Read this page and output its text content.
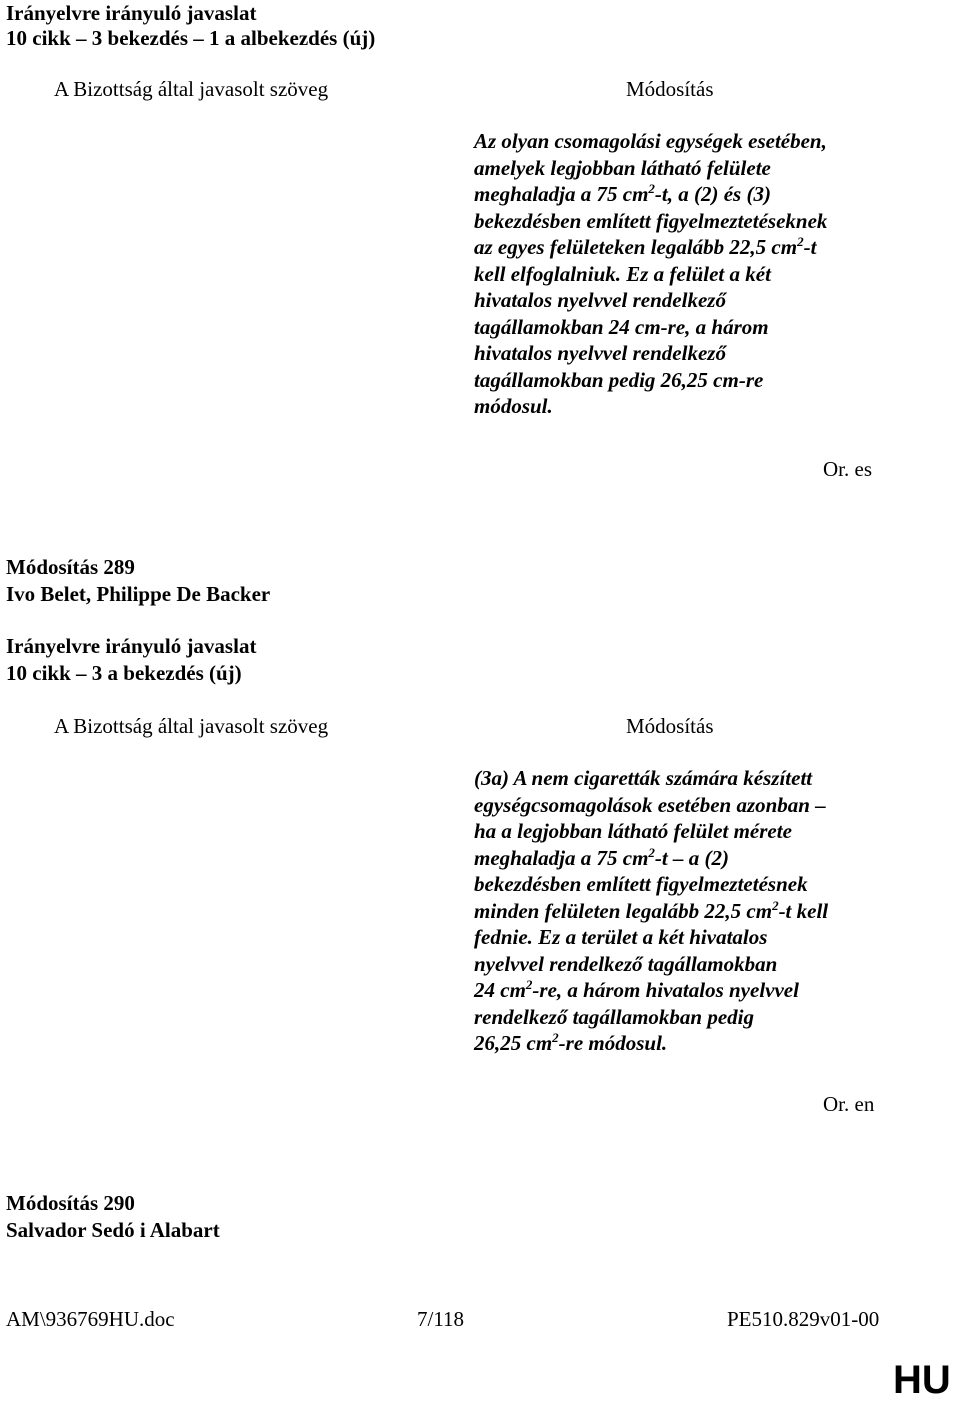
Irányelvre irányuló javaslat
10 cikk – 3 bekezdés – 1 a albekezdés (új)
A Bizottság által javasolt szöveg	Módosítás
Az olyan csomagolási egységek esetében,
amelyek legjobban látható felülete
meghaladja a 75 $cm^2-t$, a (2) és (3)
bekezdésben említett figyelmeztetéseknek
az egyes felületeken legalább 22,5 $cm^2-t$
kell elfoglalniuk. Ez a felület a két
hivatalos nyelvvel rendelkező
tagállamokban 24 cm-re, a három
hivatalos nyelvvel rendelkező
tagállamokban pedig 26,25 cm-re
módosul.
Or. es
Módosítás 289
Ivo Belet, Philippe De Backer
Irányelvre irányuló javaslat
10 cikk – 3 a bekezdés (új)
A Bizottság által javasolt szöveg	Módosítás
(3a) A nem cigaretták számára készített
egységcsomagolások esetében azonban –
ha a legjobban látható felület mérete
meghaladja a 75 $cm^2-t$ – a (2)
bekezdésben említett figyelmeztetésnek
minden felületen legalább 22,5 $cm^2-t$ kell
fednie. Ez a terület a két hivatalos
nyelvvel rendelkező tagállamokban
24 $cm^2-re$, a három hivatalos nyelvvel
rendelkező tagállamokban pedig
26,25 $cm^2-re$ módosul.
Or. en
Módosítás 290
Salvador Sedó i Alabart
AM\936769HU.doc	7/118	PE510.829v01-00
HU
